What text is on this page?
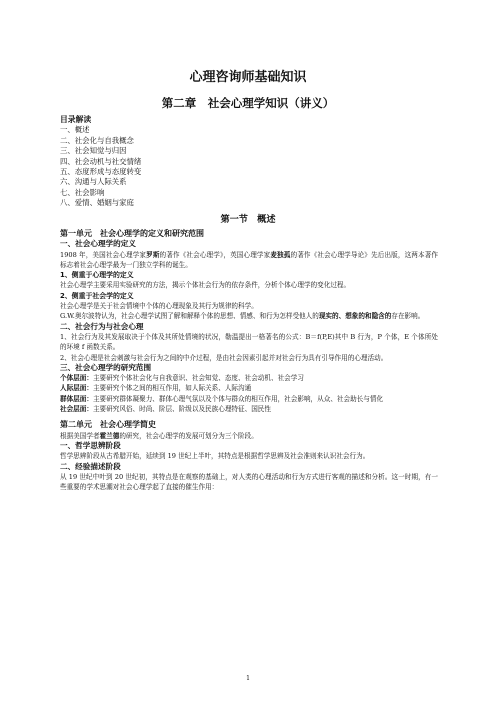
心理咨询师基础知识
第二章　社会心理学知识（讲义）
目录解读
一、概述
二、社会化与自我概念
三、社会知觉与归因
四、社会动机与社交情绪
五、态度形成与态度转变
六、沟通与人际关系
七、社会影响
八、爱情、婚姻与家庭
第一节　概述

第一单元　社会心理学的定义和研究范围

一、社会心理学的定义

1908 年，美国社会心理学家罗斯的著作《社会心理学》，英国心理学家麦独孤的著作《社会心理学导论》先后出版，这两本著作标志着社会心理学最为一门独立学科的诞生。

1、侧重于心理学的定义

社会心理学主要采用实验研究的方法，揭示个体社会行为的依存条件，分析个体心理学的变化过程。

2、侧重于社会学的定义

社会心理学是关于社会情境中个体的心理现象及其行为规律的科学。

G.W.奥尔波特认为，社会心理学试图了解和解释个体的思想、情感、和行为怎样受他人的现实的、想象的和隐含的存在影响。

二、社会行为与社会心理

1、社会行为及其发展取决于个体及其所处情境的状况，勒温提出一格著名的公式：B＝f(P,E)其中 B 行为，P 个体，E 个体所处的环境 f 函数关系。

2、社会心理是社会刺激与社会行为之间的中介过程，是由社会因素引起并对社会行为具有引导作用的心理活动。

三、社会心理学的研究范围

个体层面：主要研究个体社会化与自我意识、社会知觉、态度、社会动机、社会学习

人际层面：主要研究个体之间的相互作用，如人际关系、人际沟通

群体层面：主要研究群体凝聚力、群体心理气氛以及个体与群众的相互作用，社会影响，从众、社会助长与情化

社会层面：主要研究风俗、时尚、阶层、阶级以及民族心理特征、国民性

第二单元　社会心理学简史

根据美国学者霍兰德的研究，社会心理学的发展可划分为三个阶段。

一、哲学思辨阶段

哲学思辨阶段从古希腊开始，延续到 19 世纪上半叶，其特点是根据哲学思辨及社会准则来认识社会行为。

二、经验描述阶段

从 19 世纪中叶到 20 世纪初，其特点是在观察的基础上，对人类的心理活动和行为方式进行客观的描述和分析。这一时期，有一些重要的学术思潮对社会心理学起了直接的催生作用：

1
